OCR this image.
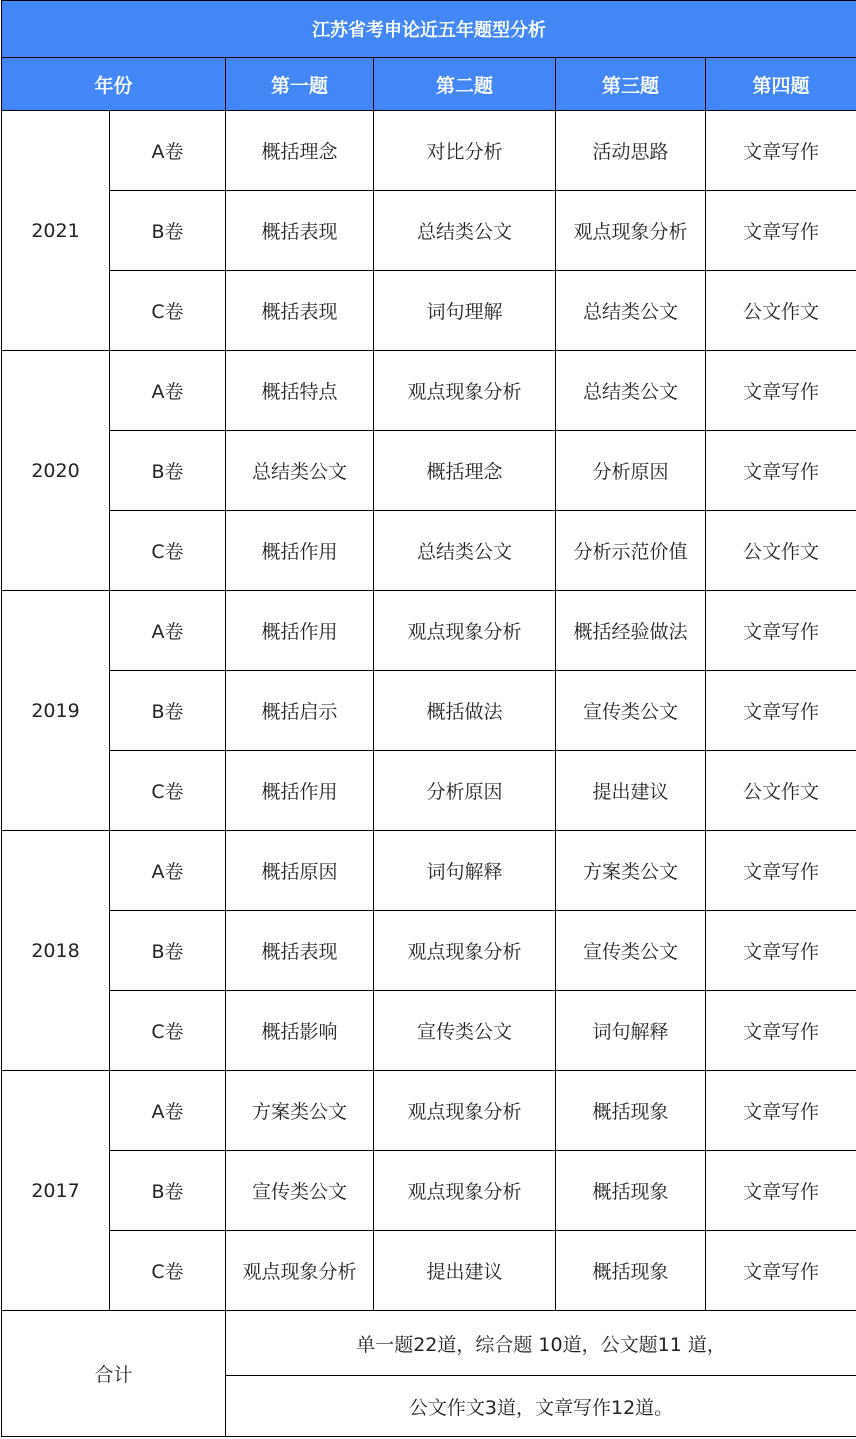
江苏省考申论近五年题型分析					
年份		第一题	第二题	第三题	第四题
2021	A卷	概括理念	对比分析	活动思路	文章写作
	B卷	概括表现	总结类公文	观点现象分析	文章写作
	C卷	概括表现	词句理解	总结类公文	公文作文
2020	A卷	概括特点	观点现象分析	总结类公文	文章写作
	B卷	总结类公文	概括理念	分析原因	文章写作
	C卷	概括作用	总结类公文	分析示范价值	公文作文
2019	A卷	概括作用	观点现象分析	概括经验做法	文章写作
	B卷	概括启示	概括做法	宣传类公文	文章写作
	C卷	概括作用	分析原因	提出建议	公文作文
2018	A卷	概括原因	词句解释	方案类公文	文章写作
	B卷	概括表现	观点现象分析	宣传类公文	文章写作
	C卷	概括影响	宣传类公文	词句解释	文章写作
2017	A卷	方案类公文	观点现象分析	概括现象	文章写作
	B卷	宣传类公文	观点现象分析	概括现象	文章写作
	C卷	观点现象分析	提出建议	概括现象	文章写作
合计		单一题22道，综合题 10道，公文题11 道，			
		公文作文3道，文章写作12道。			
